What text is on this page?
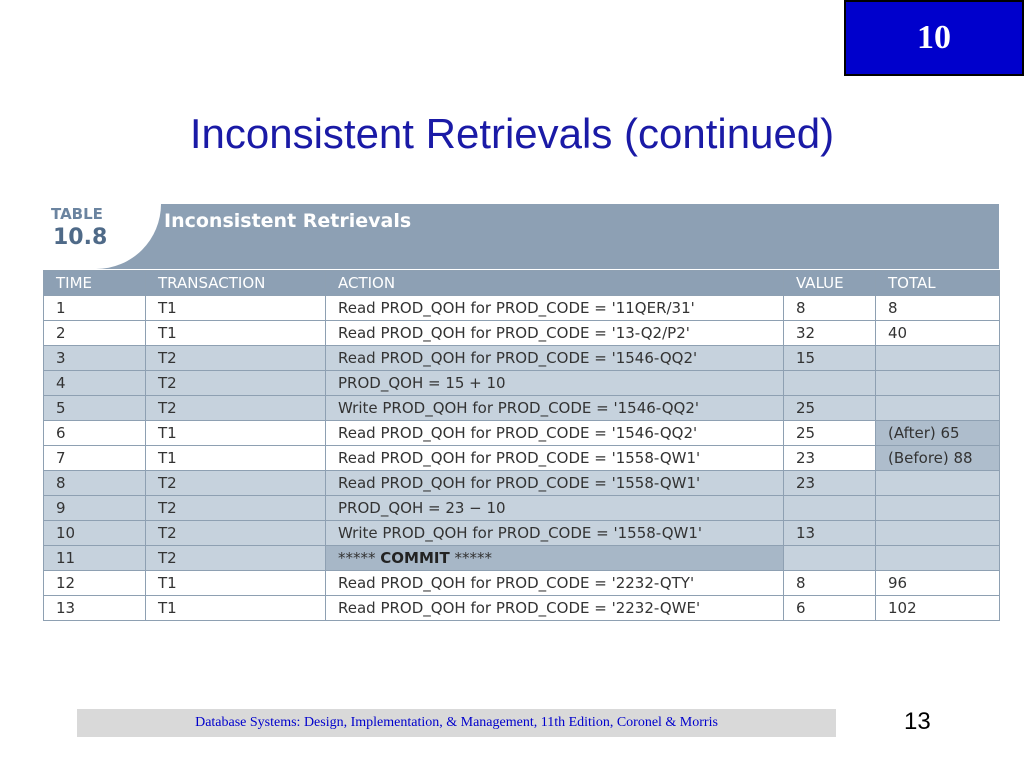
10
Inconsistent Retrievals (continued)
TABLE
10.8
Inconsistent Retrievals
TIME	TRANSACTION	ACTION	VALUE	TOTAL
1	T1	Read PROD_QOH for PROD_CODE = '11QER/31'	8	8
2	T1	Read PROD_QOH for PROD_CODE = '13-Q2/P2'	32	40
3	T2	Read PROD_QOH for PROD_CODE = '1546-QQ2'	15	
4	T2	PROD_QOH = 15 + 10		
5	T2	Write PROD_QOH for PROD_CODE = '1546-QQ2'	25	
6	T1	Read PROD_QOH for PROD_CODE = '1546-QQ2'	25	(After) 65
7	T1	Read PROD_QOH for PROD_CODE = '1558-QW1'	23	(Before) 88
8	T2	Read PROD_QOH for PROD_CODE = '1558-QW1'	23	
9	T2	PROD_QOH = 23 − 10		
10	T2	Write PROD_QOH for PROD_CODE = '1558-QW1'	13	
11	T2	***** COMMIT *****		
12	T1	Read PROD_QOH for PROD_CODE = '2232-QTY'	8	96
13	T1	Read PROD_QOH for PROD_CODE = '2232-QWE'	6	102
Database Systems: Design, Implementation, & Management, 11th Edition, Coronel & Morris	13
